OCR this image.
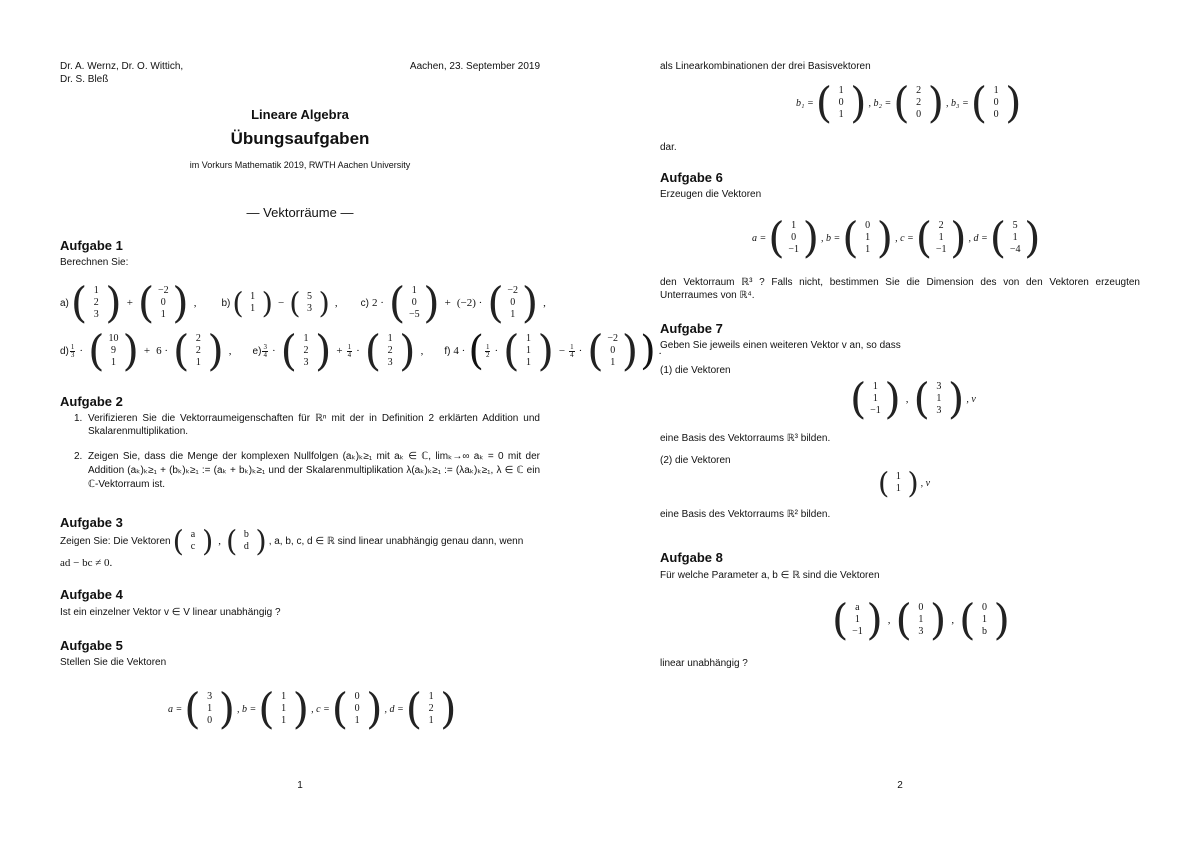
Dr. A. Wernz, Dr. O. Wittich,
Dr. S. Bleß
Aachen, 23. September 2019
Lineare Algebra
Übungsaufgaben
im Vorkurs Mathematik 2019, RWTH Aachen University
— Vektorräume —
Aufgabe 1
Berechnen Sie:
a) ( 1
2
3 ) + ( −2
0
1 ) ,	b) ( 1
1 ) − ( 5
3 ) , c) 2 · ( 1
0
−5 ) + (−2) · ( −2
0
1 ) ,
$d) \frac{1}{3}$ · ( 10
9
1 ) + 6 · ( 2
2
1 ) , $e) \frac{3}{4}$ · ( 1
2
3 ) + $\frac{1}{4}$ · ( 1
2
3 ) , f) 4 · ( $\frac{1}{2}$ · ( 1
1
1 ) − $\frac{1}{4}$ · ( −2
0
1 ) ) .
Aufgabe 2
1. Verifizieren Sie die Vektorraumeigenschaften für ℝⁿ mit der in Definition 2 erklärten Addition und Skalarenmultiplikation.
2. Zeigen Sie, dass die Menge der komplexen Nullfolgen (aₖ)ₖ≥₁ mit aₖ ∈ ℂ, limₖ→∞ aₖ = 0 mit der Addition (aₖ)ₖ≥₁ + (bₖ)ₖ≥₁ := (aₖ + bₖ)ₖ≥₁ und der Skalarenmultiplikation λ(aₖ)ₖ≥₁ := (λaₖ)ₖ≥₁, λ ∈ ℂ ein ℂ-Vektorraum ist.
Aufgabe 3
Zeigen Sie: Die Vektoren ( a
c ) , ( b
d ) , a, b, c, d ∈ ℝ sind linear unabhängig genau dann, wenn
ad − bc ≠ 0.
Aufgabe 4
Ist ein einzelner Vektor v ∈ V linear unabhängig ?
Aufgabe 5
Stellen Sie die Vektoren
a = ( 3
1
0 ) , b = ( 1
1
1 ) , c = ( 0
0
1 ) , d = ( 1
2
1 )
1
als Linearkombinationen der drei Basisvektoren
b₁ = ( 1
0
1 ) , b₂ = ( 2
2
0 ) , b₃ = ( 1
0
0 )
dar.
Aufgabe 6
Erzeugen die Vektoren
a = ( 1
0
−1 ) , b = ( 0
1
1 ) , c = ( 2
1
−1 ) , d = ( 5
1
−4 )
den Vektorraum ℝ³ ? Falls nicht, bestimmen Sie die Dimension des von den Vektoren erzeugten Unterraumes von ℝ⁴.
Aufgabe 7
Geben Sie jeweils einen weiteren Vektor v an, so dass
(1) die Vektoren
( 1
1
−1 ) , ( 3
1
3 ) , v
eine Basis des Vektorraums ℝ³ bilden.
(2) die Vektoren
( 1
1 ) , v
eine Basis des Vektorraums ℝ² bilden.
Aufgabe 8
Für welche Parameter a, b ∈ ℝ sind die Vektoren
( a
1
−1 ) , ( 0
1
3 ) , ( 0
1
b )
linear unabhängig ?
2
